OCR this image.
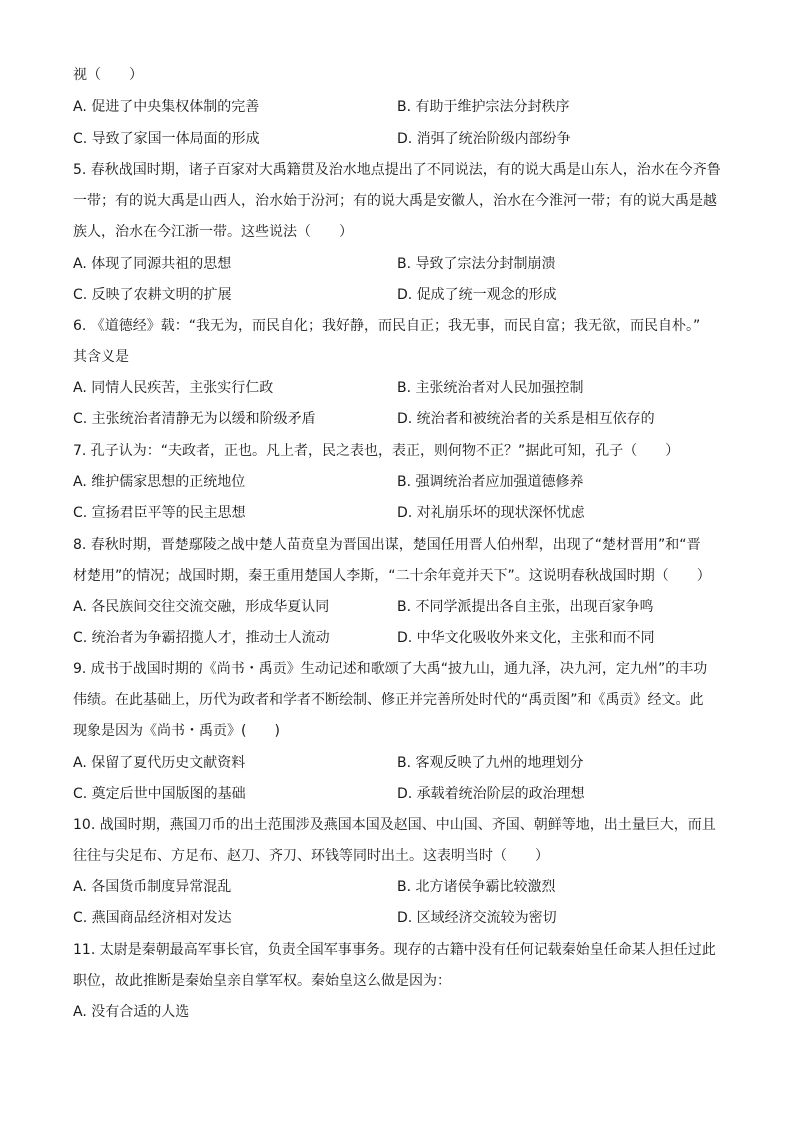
视（　　）
A. 促进了中央集权体制的完善	B. 有助于维护宗法分封秩序
C. 导致了家国一体局面的形成	D. 消弭了统治阶级内部纷争
5. 春秋战国时期，诸子百家对大禹籍贯及治水地点提出了不同说法，有的说大禹是山东人，治水在今齐鲁
一带；有的说大禹是山西人，治水始于汾河；有的说大禹是安徽人，治水在今淮河一带；有的说大禹是越
族人，治水在今江浙一带。这些说法（　　）
A. 体现了同源共祖的思想	B. 导致了宗法分封制崩溃
C. 反映了农耕文明的扩展	D. 促成了统一观念的形成
6. 《道德经》载：“我无为，而民自化；我好静，而民自正；我无事，而民自富；我无欲，而民自朴。”
其含义是
A. 同情人民疾苦，主张实行仁政	B. 主张统治者对人民加强控制
C. 主张统治者清静无为以缓和阶级矛盾	D. 统治者和被统治者的关系是相互依存的
7. 孔子认为：“夫政者，正也。凡上者，民之表也，表正，则何物不正？”据此可知，孔子（　　）
A. 维护儒家思想的正统地位	B. 强调统治者应加强道德修养
C. 宣扬君臣平等的民主思想	D. 对礼崩乐坏的现状深怀忧虑
8. 春秋时期，晋楚鄢陵之战中楚人苗贲皇为晋国出谋，楚国任用晋人伯州犁，出现了“楚材晋用”和“晋
材楚用”的情况；战国时期，秦王重用楚国人李斯，“二十余年竟并天下”。这说明春秋战国时期（　　）
A. 各民族间交往交流交融，形成华夏认同	B. 不同学派提出各自主张，出现百家争鸣
C. 统治者为争霸招揽人才，推动士人流动	D. 中华文化吸收外来文化，主张和而不同
9. 成书于战国时期的《尚书・禹贡》生动记述和歌颂了大禹“披九山，通九泽，决九河，定九州”的丰功
伟绩。在此基础上，历代为政者和学者不断绘制、修正并完善所处时代的“禹贡图”和《禹贡》经文。此
现象是因为《尚书・禹贡》(　　)
A. 保留了夏代历史文献资料	B. 客观反映了九州的地理划分
C. 奠定后世中国版图的基础	D. 承载着统治阶层的政治理想
10. 战国时期，燕国刀币的出土范围涉及燕国本国及赵国、中山国、齐国、朝鲜等地，出土量巨大，而且
往往与尖足布、方足布、赵刀、齐刀、环钱等同时出土。这表明当时（　　）
A. 各国货币制度异常混乱	B. 北方诸侯争霸比较激烈
C. 燕国商品经济相对发达	D. 区域经济交流较为密切
11. 太尉是秦朝最高军事长官，负责全国军事事务。现存的古籍中没有任何记载秦始皇任命某人担任过此
职位，故此推断是秦始皇亲自掌军权。秦始皇这么做是因为：
A. 没有合适的人选
